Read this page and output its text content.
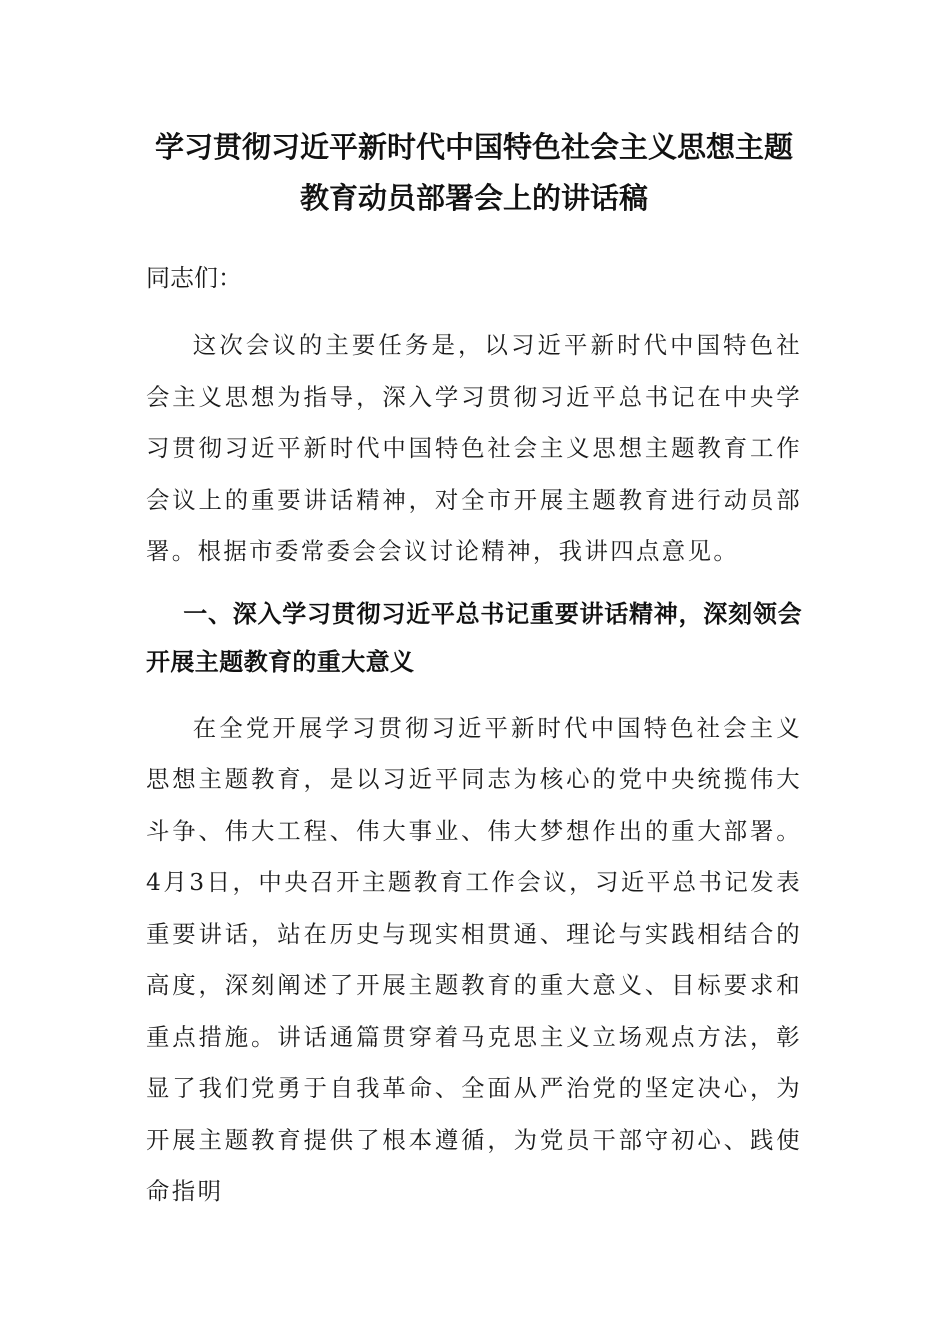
学习贯彻习近平新时代中国特色社会主义思想主题
教育动员部署会上的讲话稿

同志们：

这次会议的主要任务是，以习近平新时代中国特色社会主义思想为指导，深入学习贯彻习近平总书记在中央学习贯彻习近平新时代中国特色社会主义思想主题教育工作会议上的重要讲话精神，对全市开展主题教育进行动员部署。根据市委常委会会议讨论精神，我讲四点意见。

一、深入学习贯彻习近平总书记重要讲话精神，深刻领会开展主题教育的重大意义

在全党开展学习贯彻习近平新时代中国特色社会主义思想主题教育，是以习近平同志为核心的党中央统揽伟大斗争、伟大工程、伟大事业、伟大梦想作出的重大部署。4月3日，中央召开主题教育工作会议，习近平总书记发表重要讲话，站在历史与现实相贯通、理论与实践相结合的高度，深刻阐述了开展主题教育的重大意义、目标要求和重点措施。讲话通篇贯穿着马克思主义立场观点方法，彰显了我们党勇于自我革命、全面从严治党的坚定决心，为开展主题教育提供了根本遵循，为党员干部守初心、践使命指明
